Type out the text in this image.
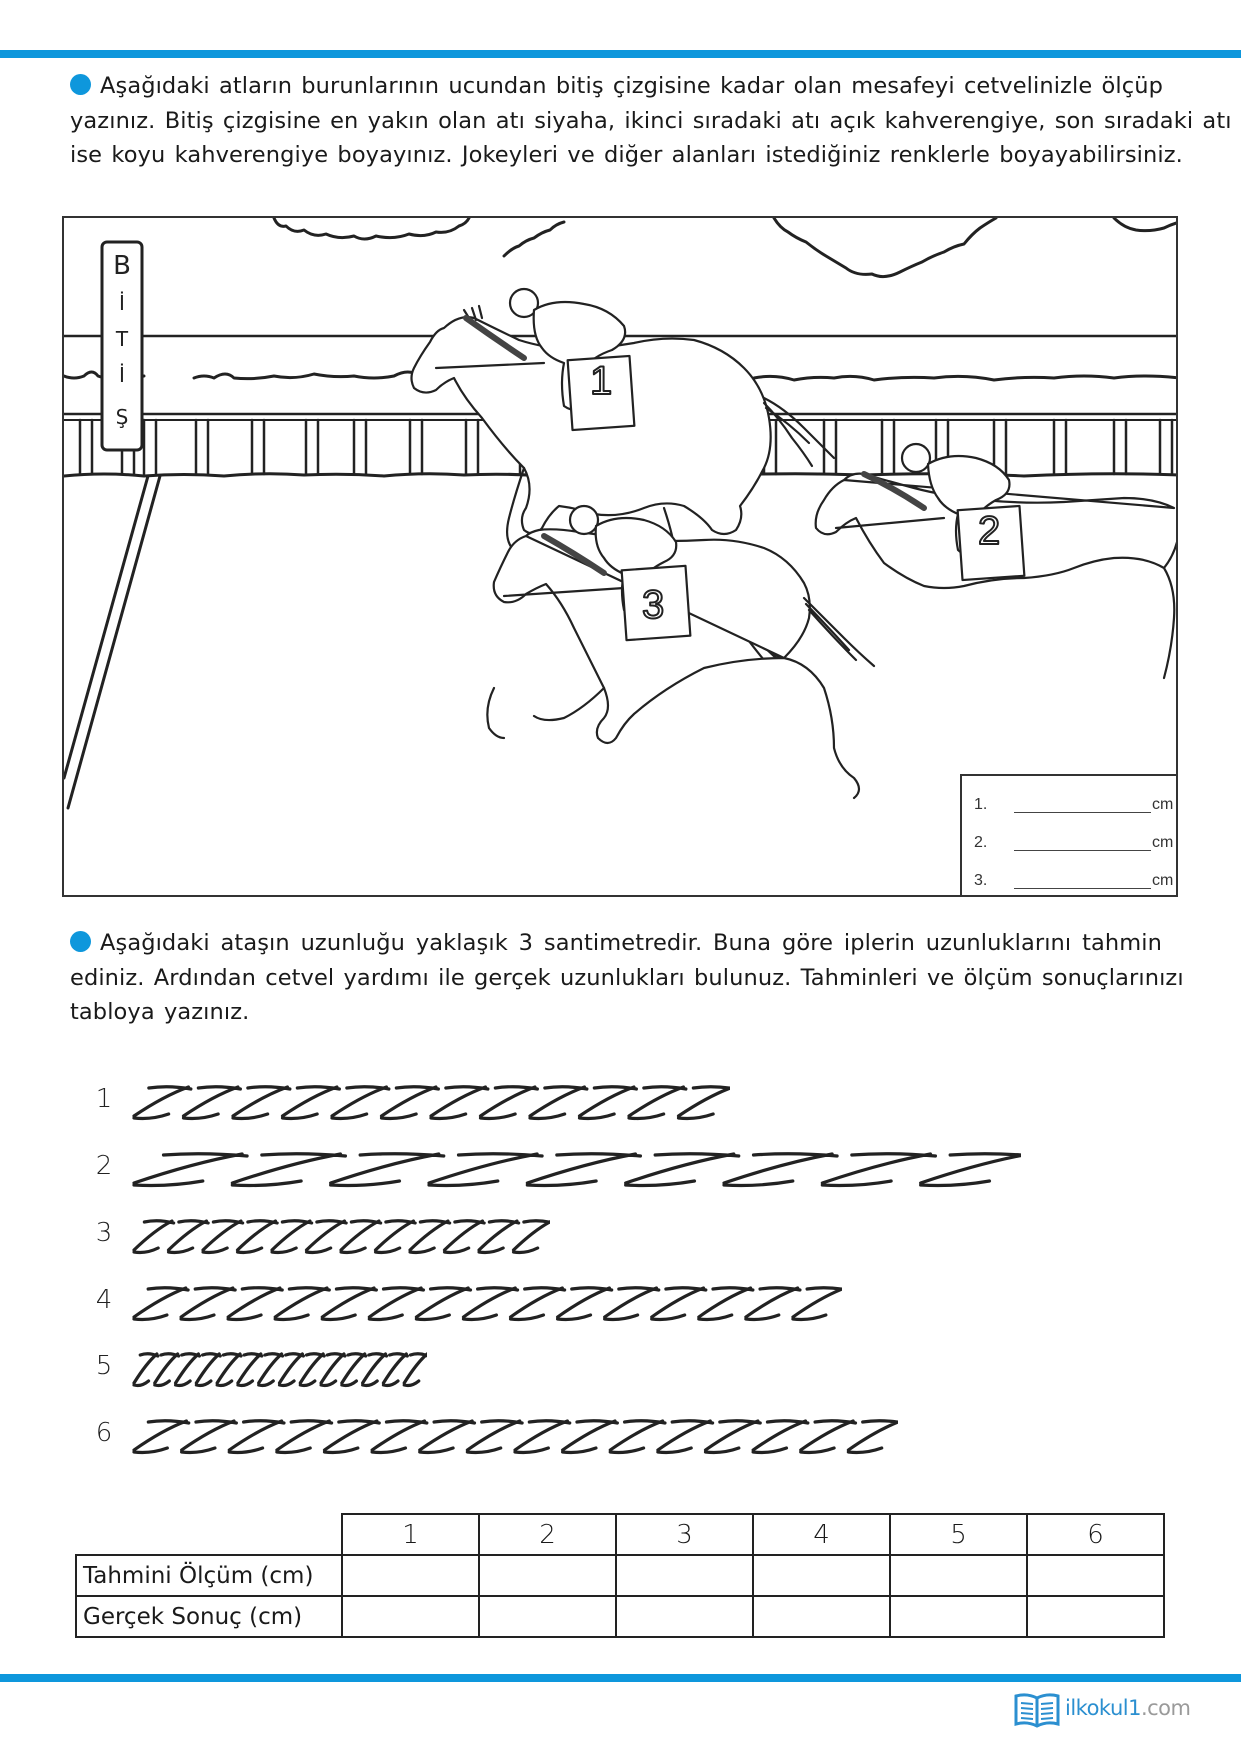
Aşağıdaki atların burunlarının ucundan bitiş çizgisine kadar olan mesafeyi cetvelinizle ölçüp
yazınız. Bitiş çizgisine en yakın olan atı siyaha, ikinci sıradaki atı açık kahverengiye, son sıradaki atı
ise koyu kahverengiye boyayınız. Jokeyleri ve diğer alanları istediğiniz renklerle boyayabilirsiniz.
1
2
3
B
İ
T
İ
Ş
1.	cm
2.	cm
3.	cm
Aşağıdaki ataşın uzunluğu yaklaşık 3 santimetredir. Buna göre iplerin uzunluklarını tahmin
ediniz. Ardından cetvel yardımı ile gerçek uzunlukları bulunuz. Tahminleri ve ölçüm sonuçlarınızı
tabloya yazınız.
1
2
3
4
5
6
	1	2	3	4	5	6
Tahmini Ölçüm (cm)						
Gerçek Sonuç (cm)						
ilkokul1.com
